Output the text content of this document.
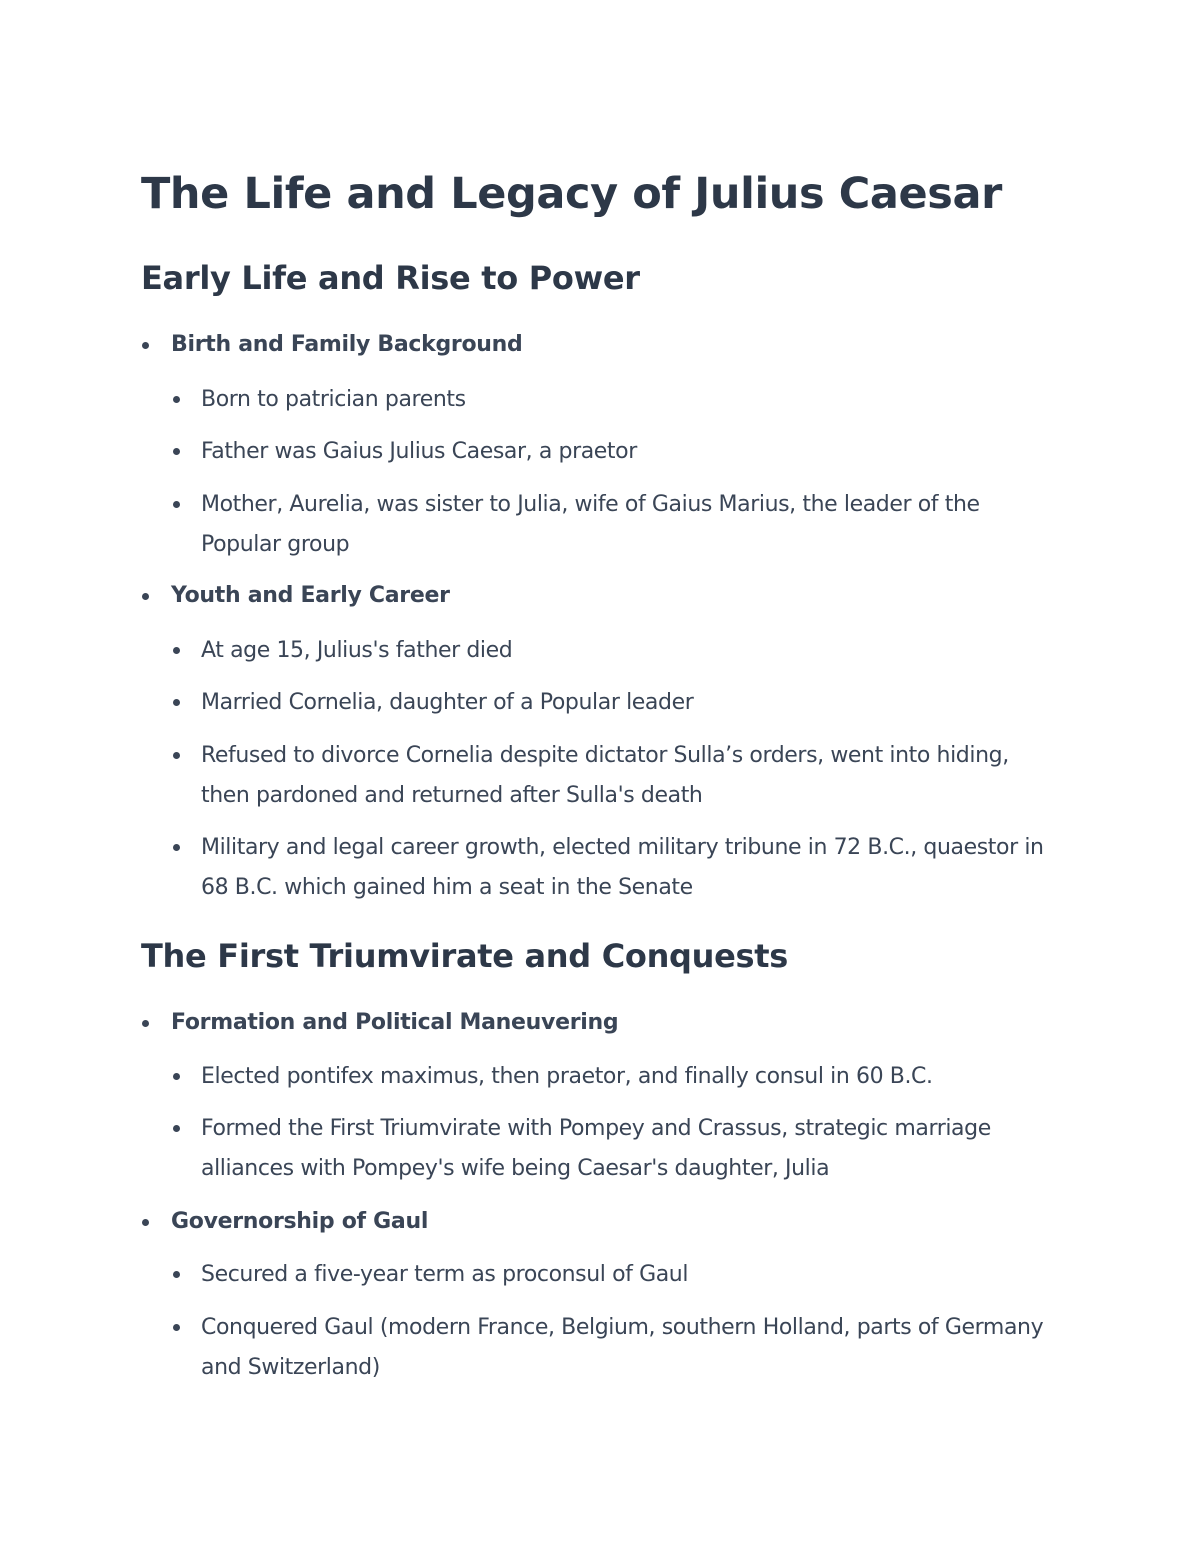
The Life and Legacy of Julius Caesar
Early Life and Rise to Power
Birth and Family Background
Born to patrician parents
Father was Gaius Julius Caesar, a praetor
Mother, Aurelia, was sister to Julia, wife of Gaius Marius, the leader of the Popular group
Youth and Early Career
At age 15, Julius's father died
Married Cornelia, daughter of a Popular leader
Refused to divorce Cornelia despite dictator Sulla’s orders, went into hiding, then pardoned and returned after Sulla's death
Military and legal career growth, elected military tribune in 72 B.C., quaestor in 68 B.C. which gained him a seat in the Senate
The First Triumvirate and Conquests
Formation and Political Maneuvering
Elected pontifex maximus, then praetor, and finally consul in 60 B.C.
Formed the First Triumvirate with Pompey and Crassus, strategic marriage alliances with Pompey's wife being Caesar's daughter, Julia
Governorship of Gaul
Secured a five-year term as proconsul of Gaul
Conquered Gaul (modern France, Belgium, southern Holland, parts of Germany and Switzerland)
